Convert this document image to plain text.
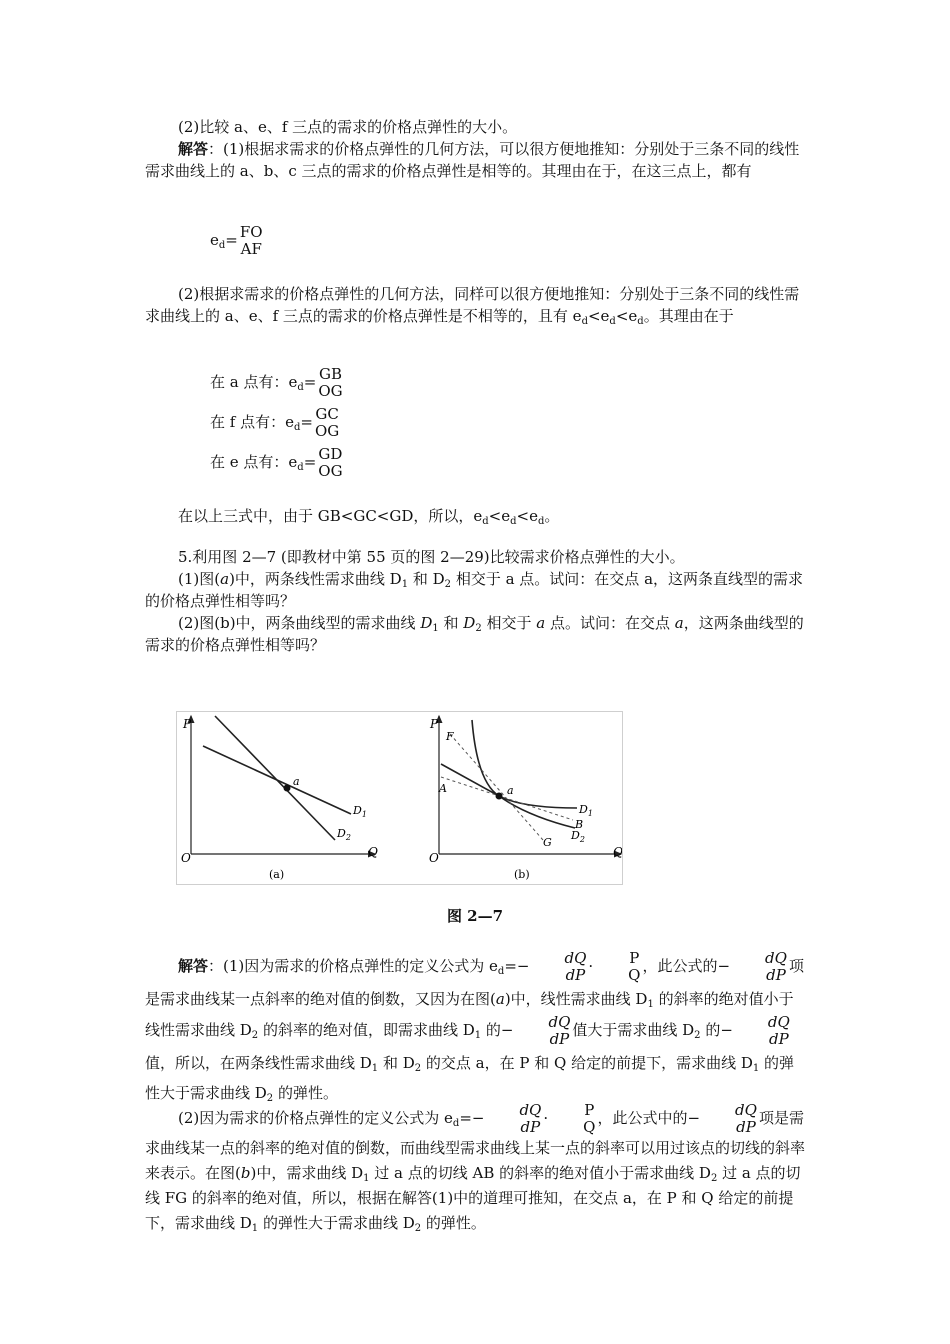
(2)比较 a、e、f 三点的需求的价格点弹性的大小。

解答：(1)根据求需求的价格点弹性的几何方法，可以很方便地推知：分别处于三条不同的线性需求曲线上的 a、b、c 三点的需求的价格点弹性是相等的。其理由在于，在这三点上，都有

$e_d=$ FO
AF

(2)根据求需求的价格点弹性的几何方法，同样可以很方便地推知：分别处于三条不同的线性需求曲线上的 a、e、f 三点的需求的价格点弹性是不相等的，且有 $e_d<e_d<e_d$。其理由在于

在 a 点有：$e_d=$ GB
OG
在 f 点有：$e_d=$ GC
OG
在 e 点有：$e_d=$ GD
OG

在以上三式中，由于 GB<GC<GD，所以，$e_d<e_d<e_d$。

5.利用图 2—7 (即教材中第 55 页的图 2—29)比较需求价格点弹性的大小。

(1)图(a)中，两条线性需求曲线 $D_1$ 和 $D_2$ 相交于 a 点。试问：在交点 a，这两条直线型的需求的价格点弹性相等吗？

(2)图(b)中，两条曲线型的需求曲线 $D_1$ 和 $D_2$ 相交于 a 点。试问：在交点 a，这两条曲线型的需求的价格点弹性相等吗？

P
O	Q
a
$D_1$
$D_2$
(a)
P
O	Q
F
A	a
G
B
$D_1$
$D_2$
(b)
图 2—7

解答：(1)因为需求的价格点弹性的定义公式为 $e_d=-$	dQ
dP ·	P
Q ，此公式的−	dQ
dP 项是需求曲线某一点斜率的绝对值的倒数，又因为在图(a)中，线性需求曲线 $D_1$ 的斜率的绝对值小于线性需求曲线 $D_2$ 的斜率的绝对值，即需求曲线 $D_1$ 的−	dQ
dP 值大于需求曲线 $D_2$ 的−	dQ
dP
值，所以，在两条线性需求曲线 $D_1$ 和 $D_2$ 的交点 a，在 P 和 Q 给定的前提下，需求曲线 $D_1$ 的弹性大于需求曲线 $D_2$ 的弹性。

(2)因为需求的价格点弹性的定义公式为 $e_d=-$	dQ
dP ·	P
Q ，此公式中的−	dQ
dP 项是需求曲线某一点的斜率的绝对值的倒数，而曲线型需求曲线上某一点的斜率可以用过该点的切线的斜率来表示。在图(b)中，需求曲线 $D_1$ 过 a 点的切线 AB 的斜率的绝对值小于需求曲线 $D_2$ 过 a 点的切线 FG 的斜率的绝对值，所以，根据在解答(1)中的道理可推知，在交点 a，在 P 和 Q 给定的前提下，需求曲线 $D_1$ 的弹性大于需求曲线 $D_2$ 的弹性。
